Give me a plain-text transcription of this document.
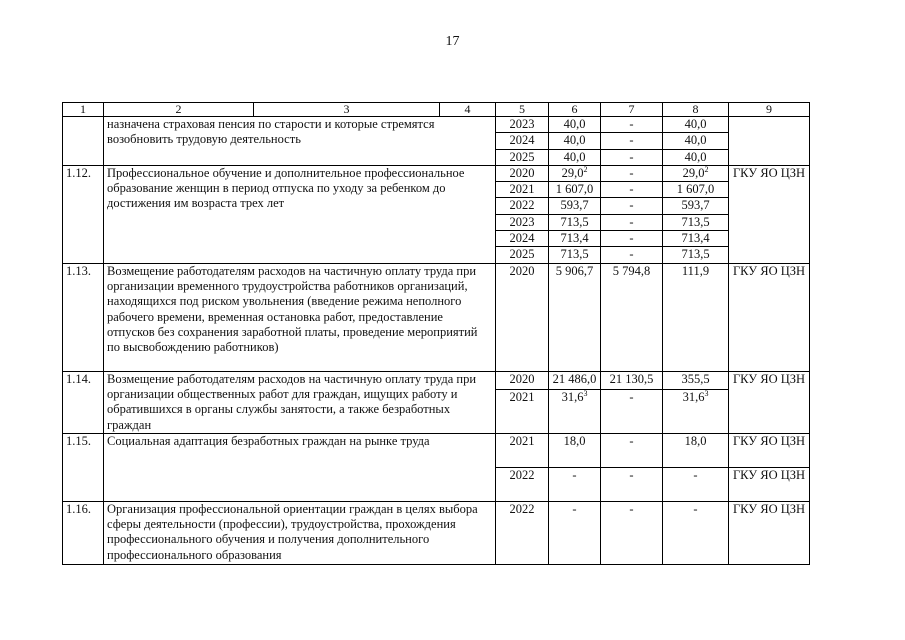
17
1	2	3	4	5	6	7	8	9
	назначена страховая пенсия по старости и которые стремятся возобновить трудовую деятельность			2023	40,0	-	40,0	
				2024	40,0	-	40,0	
				2025	40,0	-	40,0	
1.12.	Профессиональное обучение и дополнительное профессиональное образование женщин в период отпуска по уходу за ребенком до достижения им возраста трех лет			2020	29,0$^2$	-	29,0$^2$	ГКУ ЯО ЦЗН
				2021	1 607,0	-	1 607,0	
				2022	593,7	-	593,7	
				2023	713,5	-	713,5	
				2024	713,4	-	713,4	
				2025	713,5	-	713,5	
1.13.	Возмещение работодателям расходов на частичную оплату труда при организации временного трудоустройства работников организаций, находящихся под риском увольнения (введение режима неполного рабочего времени, временная остановка работ, предоставление отпусков без сохранения заработной платы, проведение мероприятий по высвобождению работников)			2020	5 906,7	5 794,8	111,9	ГКУ ЯО ЦЗН
1.14.	Возмещение работодателям расходов на частичную оплату труда при организации общественных работ для граждан, ищущих работу и обратившихся в органы службы занятости, а также безработных граждан			2020	21 486,0	21 130,5	355,5	ГКУ ЯО ЦЗН
				2021	31,6$^3$	-	31,6$^3$
1.15.	Социальная адаптация безработных граждан на рынке труда			2021	18,0	-	18,0	ГКУ ЯО ЦЗН
				2022	-	-	-	ГКУ ЯО ЦЗН
1.16.	Организация профессиональной ориентации граждан в целях выбора сферы деятельности (профессии), трудоустройства, прохождения профессионального обучения и получения дополнительного профессионального образования			2022	-	-	-	ГКУ ЯО ЦЗН
